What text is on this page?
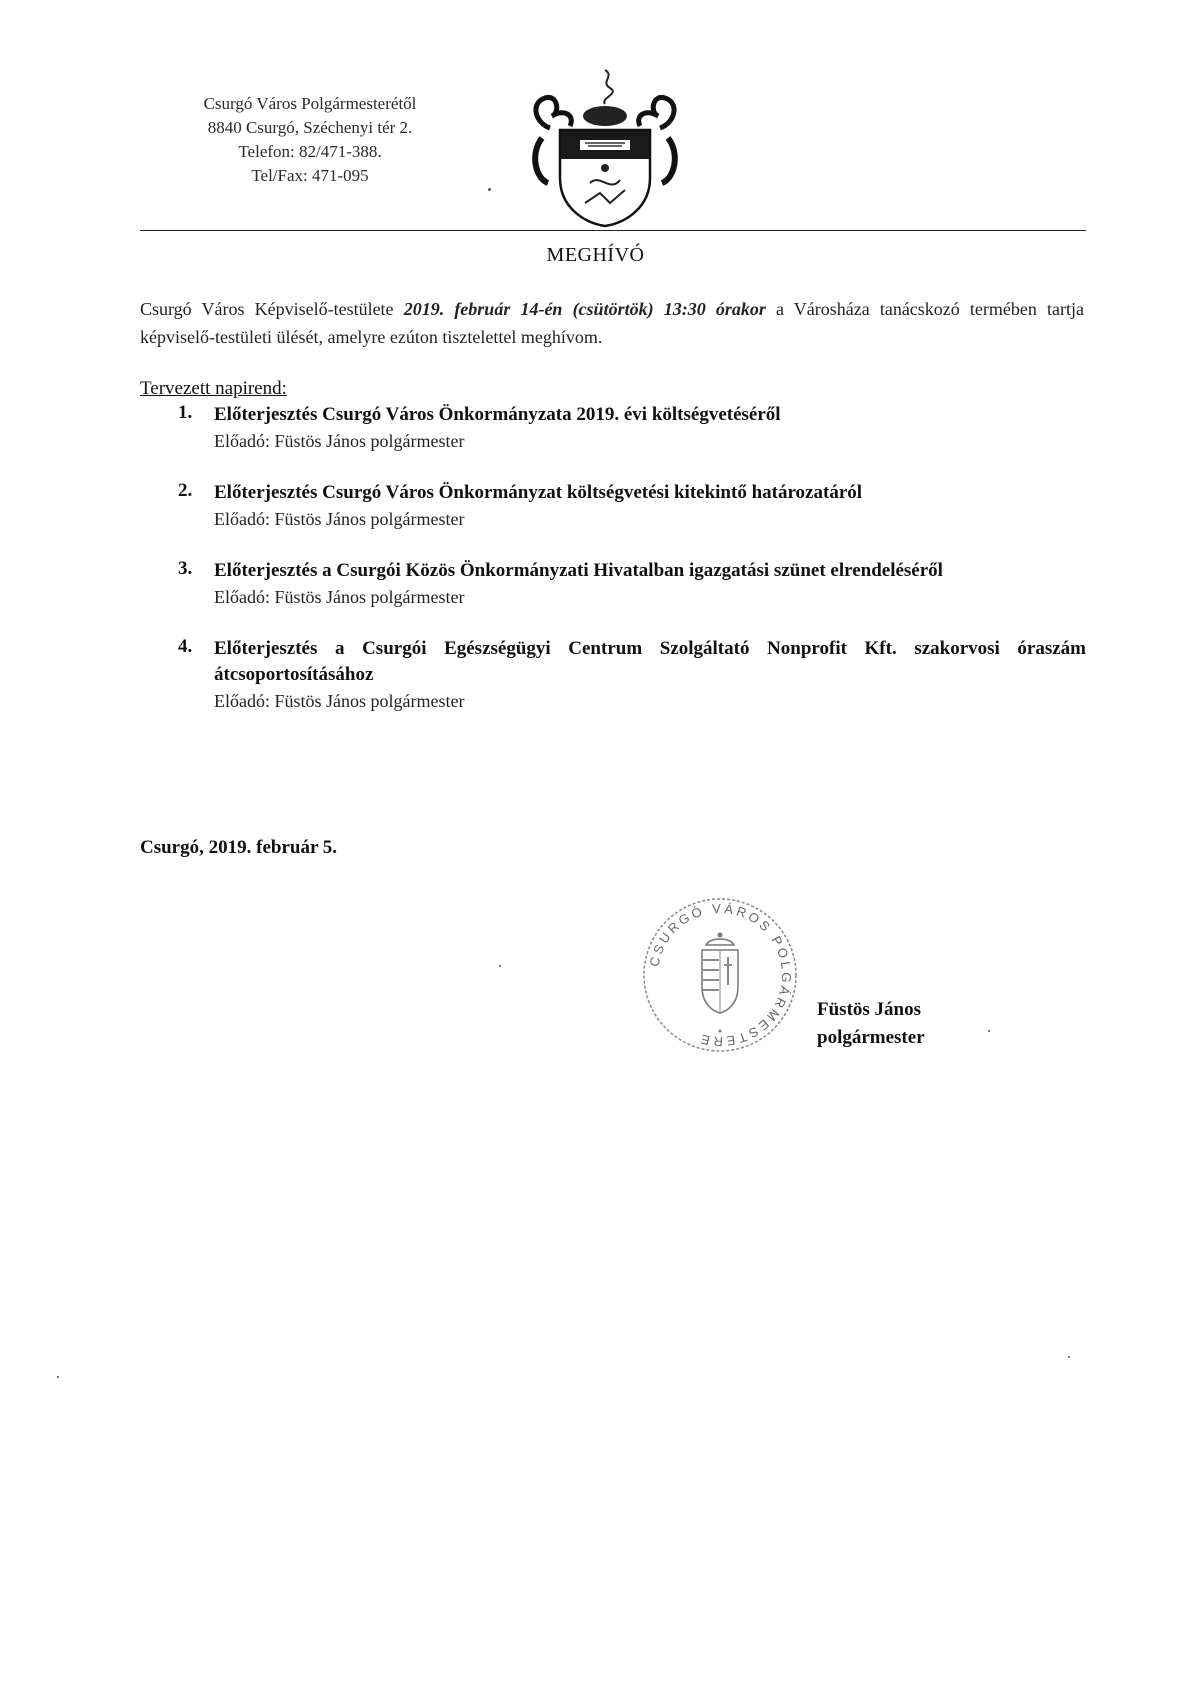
Csurgó Város Polgármesterétől
8840 Csurgó, Széchenyi tér 2.
Telefon: 82/471-388.
Tel/Fax: 471-095
MEGHÍVÓ
Csurgó Város Képviselő-testülete 2019. február 14-én (csütörtök) 13:30 órakor a Városháza tanácskozó termében tartja képviselő-testületi ülését, amelyre ezúton tisztelettel meghívom.
Tervezett napirend:
1. Előterjesztés Csurgó Város Önkormányzata 2019. évi költségvetéséről
Előadó: Füstös János polgármester
2. Előterjesztés Csurgó Város Önkormányzat költségvetési kitekintő határozatáról
Előadó: Füstös János polgármester
3. Előterjesztés a Csurgói Közös Önkormányzati Hivatalban igazgatási szünet elrendeléséről
Előadó: Füstös János polgármester
4. Előterjesztés a Csurgói Egészségügyi Centrum Szolgáltató Nonprofit Kft. szakorvosi óraszám átcsoportosításához
Előadó: Füstös János polgármester
Csurgó, 2019. február 5.
CSURGÓ VÁROS POLGÁRMESTERE
Füstös János
polgármester
